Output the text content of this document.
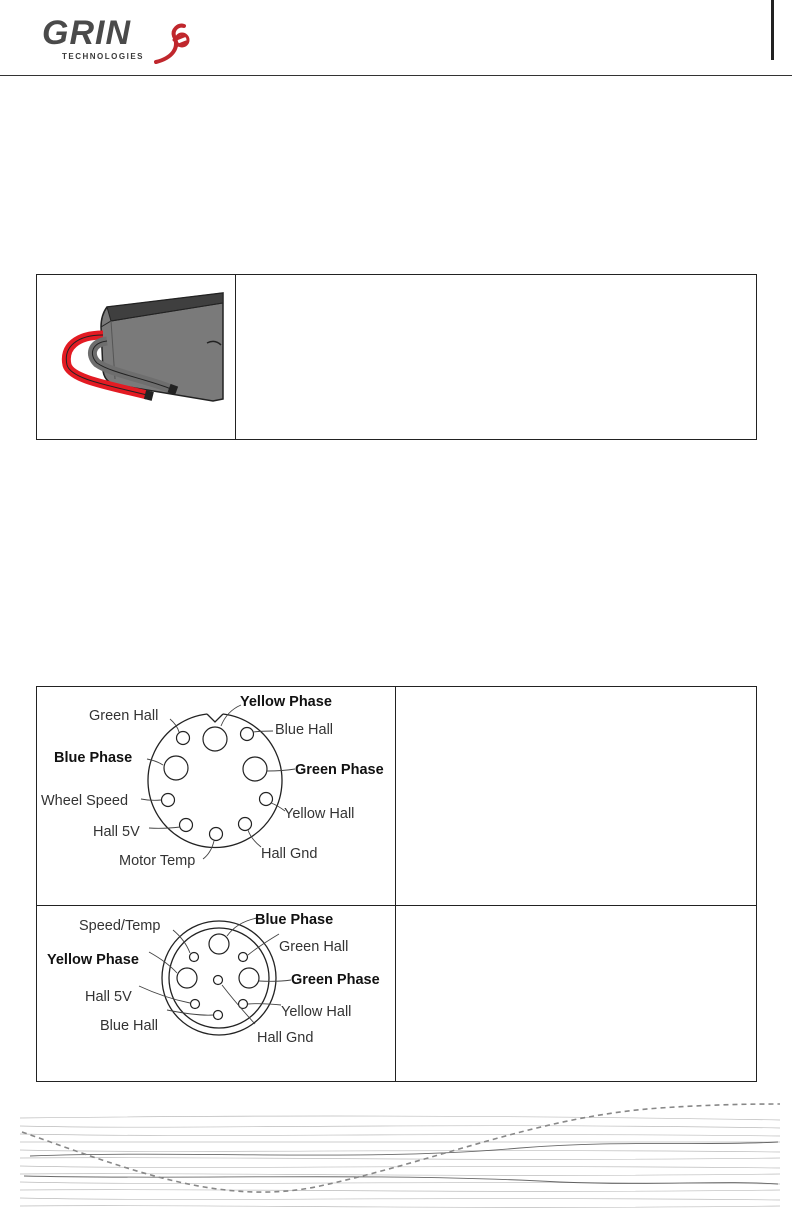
GRIN
TECHNOLOGIES
Green Hall
Yellow Phase
Blue Hall
Blue Phase
Green Phase
Wheel Speed
Yellow Hall
Hall 5V
Hall Gnd
Motor Temp
Speed/Temp	Blue Phase
Green Hall
Yellow Phase
Green Phase
Hall 5V
Yellow Hall
Blue Hall
Hall Gnd
